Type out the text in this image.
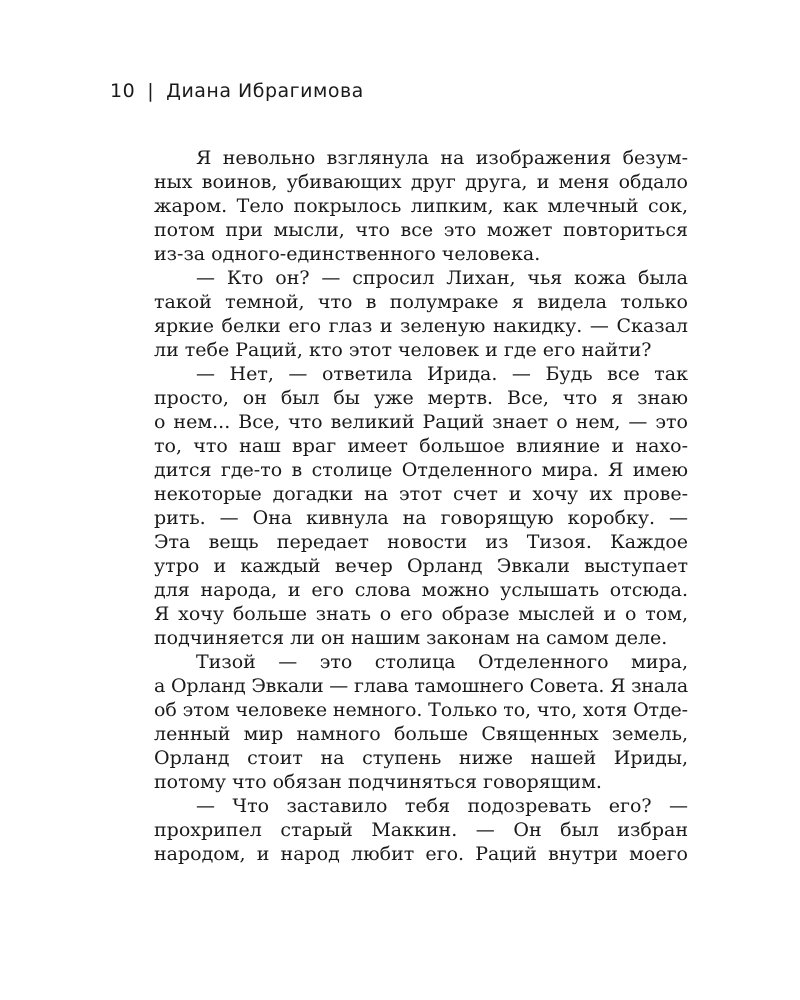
10 | Диана Ибрагимова
Я невольно взглянула на изображения безум-
ных воинов, убивающих друг друга, и меня обдало
жаром. Тело покрылось липким, как млечный сок,
потом при мысли, что все это может повториться
из-за одного-единственного человека.
— Кто он? — спросил Лихан, чья кожа была
такой темной, что в полумраке я видела только
яркие белки его глаз и зеленую накидку. — Сказал
ли тебе Раций, кто этот человек и где его найти?
— Нет, — ответила Ирида. — Будь все так
просто, он был бы уже мертв. Все, что я знаю
о нем... Все, что великий Раций знает о нем, — это
то, что наш враг имеет большое влияние и нахо-
дится где-то в столице Отделенного мира. Я имею
некоторые догадки на этот счет и хочу их прове-
рить. — Она кивнула на говорящую коробку. —
Эта вещь передает новости из Тизоя. Каждое
утро и каждый вечер Орланд Эвкали выступает
для народа, и его слова можно услышать отсюда.
Я хочу больше знать о его образе мыслей и о том,
подчиняется ли он нашим законам на самом деле.
Тизой — это столица Отделенного мира,
а Орланд Эвкали — глава тамошнего Совета. Я знала
об этом человеке немного. Только то, что, хотя Отде-
ленный мир намного больше Священных земель,
Орланд стоит на ступень ниже нашей Ириды,
потому что обязан подчиняться говорящим.
— Что заставило тебя подозревать его? —
прохрипел старый Маккин. — Он был избран
народом, и народ любит его. Раций внутри моего
